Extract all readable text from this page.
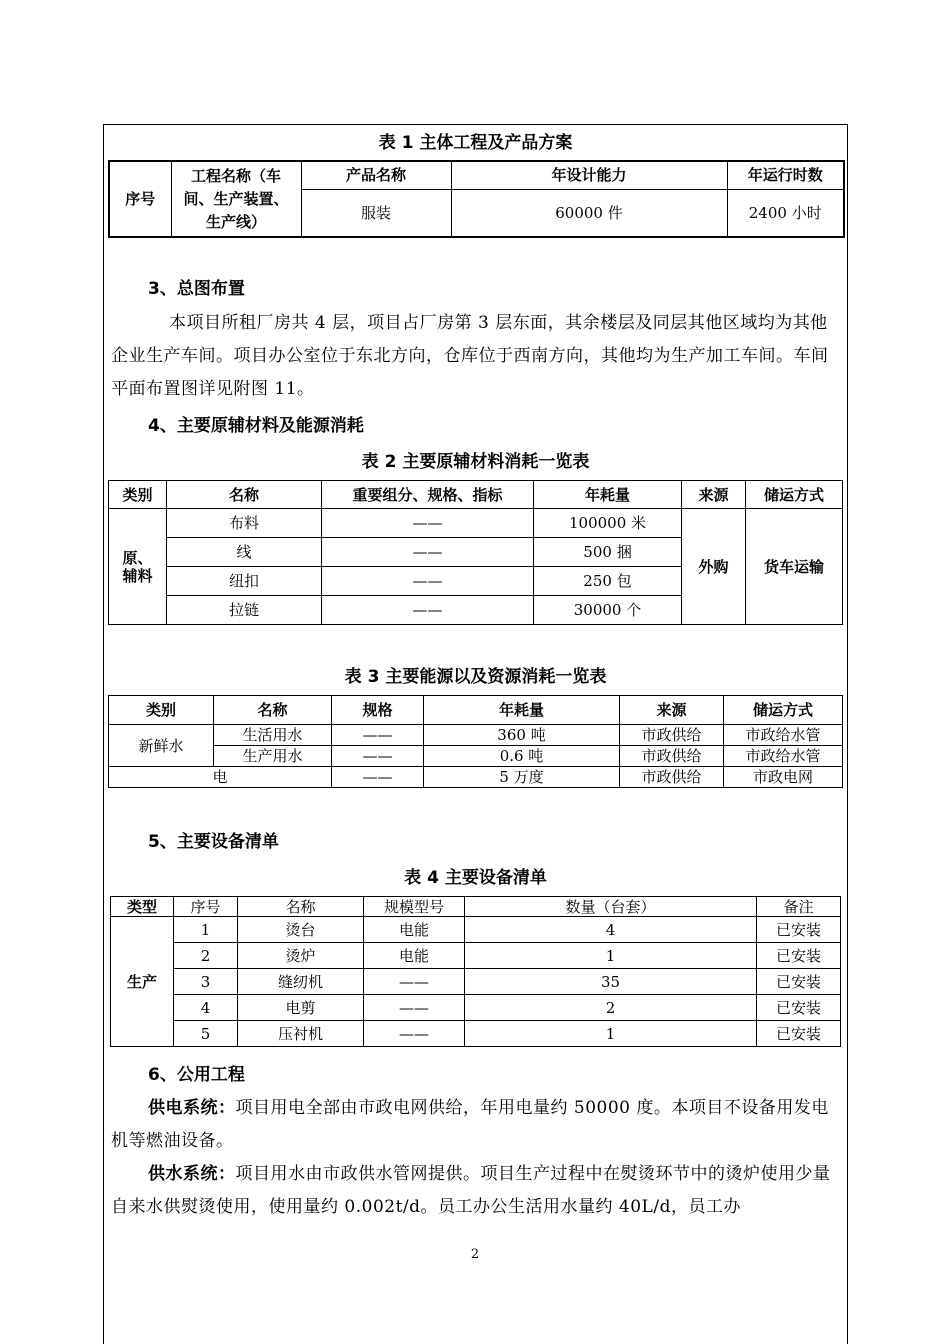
表 1 主体工程及产品方案
序号	工程名称（车间、生产装置、生产线）	产品名称	年设计能力	年运行时数
		服装	60000 件	2400 小时
3、总图布置
本项目所租厂房共 4 层，项目占厂房第 3 层东面，其余楼层及同层其他区域均为其他企业生产车间。项目办公室位于东北方向，仓库位于西南方向，其他均为生产加工车间。车间平面布置图详见附图 11。
4、主要原辅材料及能源消耗
表 2 主要原辅材料消耗一览表
类别	名称	重要组分、规格、指标	年耗量	来源	储运方式
原、辅料	布料	——	100000 米	外购	货车运输
	线	——	500 捆		
	纽扣	——	250 包		
	拉链	——	30000 个		
表 3 主要能源以及资源消耗一览表
类别	名称	规格	年耗量	来源	储运方式
新鲜水	生活用水	——	360 吨	市政供给	市政给水管
	生产用水	——	0.6 吨	市政供给	市政给水管
电		——	5 万度	市政供给	市政电网
5、主要设备清单
表 4 主要设备清单
类型	序号	名称	规模型号	数量（台套）	备注
生产	1	烫台	电能	4	已安装
	2	烫炉	电能	1	已安装
	3	缝纫机	——	35	已安装
	4	电剪	——	2	已安装
	5	压衬机	——	1	已安装
6、公用工程
供电系统：项目用电全部由市政电网供给，年用电量约 50000 度。本项目不设备用发电机等燃油设备。
供水系统：项目用水由市政供水管网提供。项目生产过程中在熨烫环节中的烫炉使用少量自来水供熨烫使用，使用量约 0.002t/d。员工办公生活用水量约 40L/d，员工办
2
